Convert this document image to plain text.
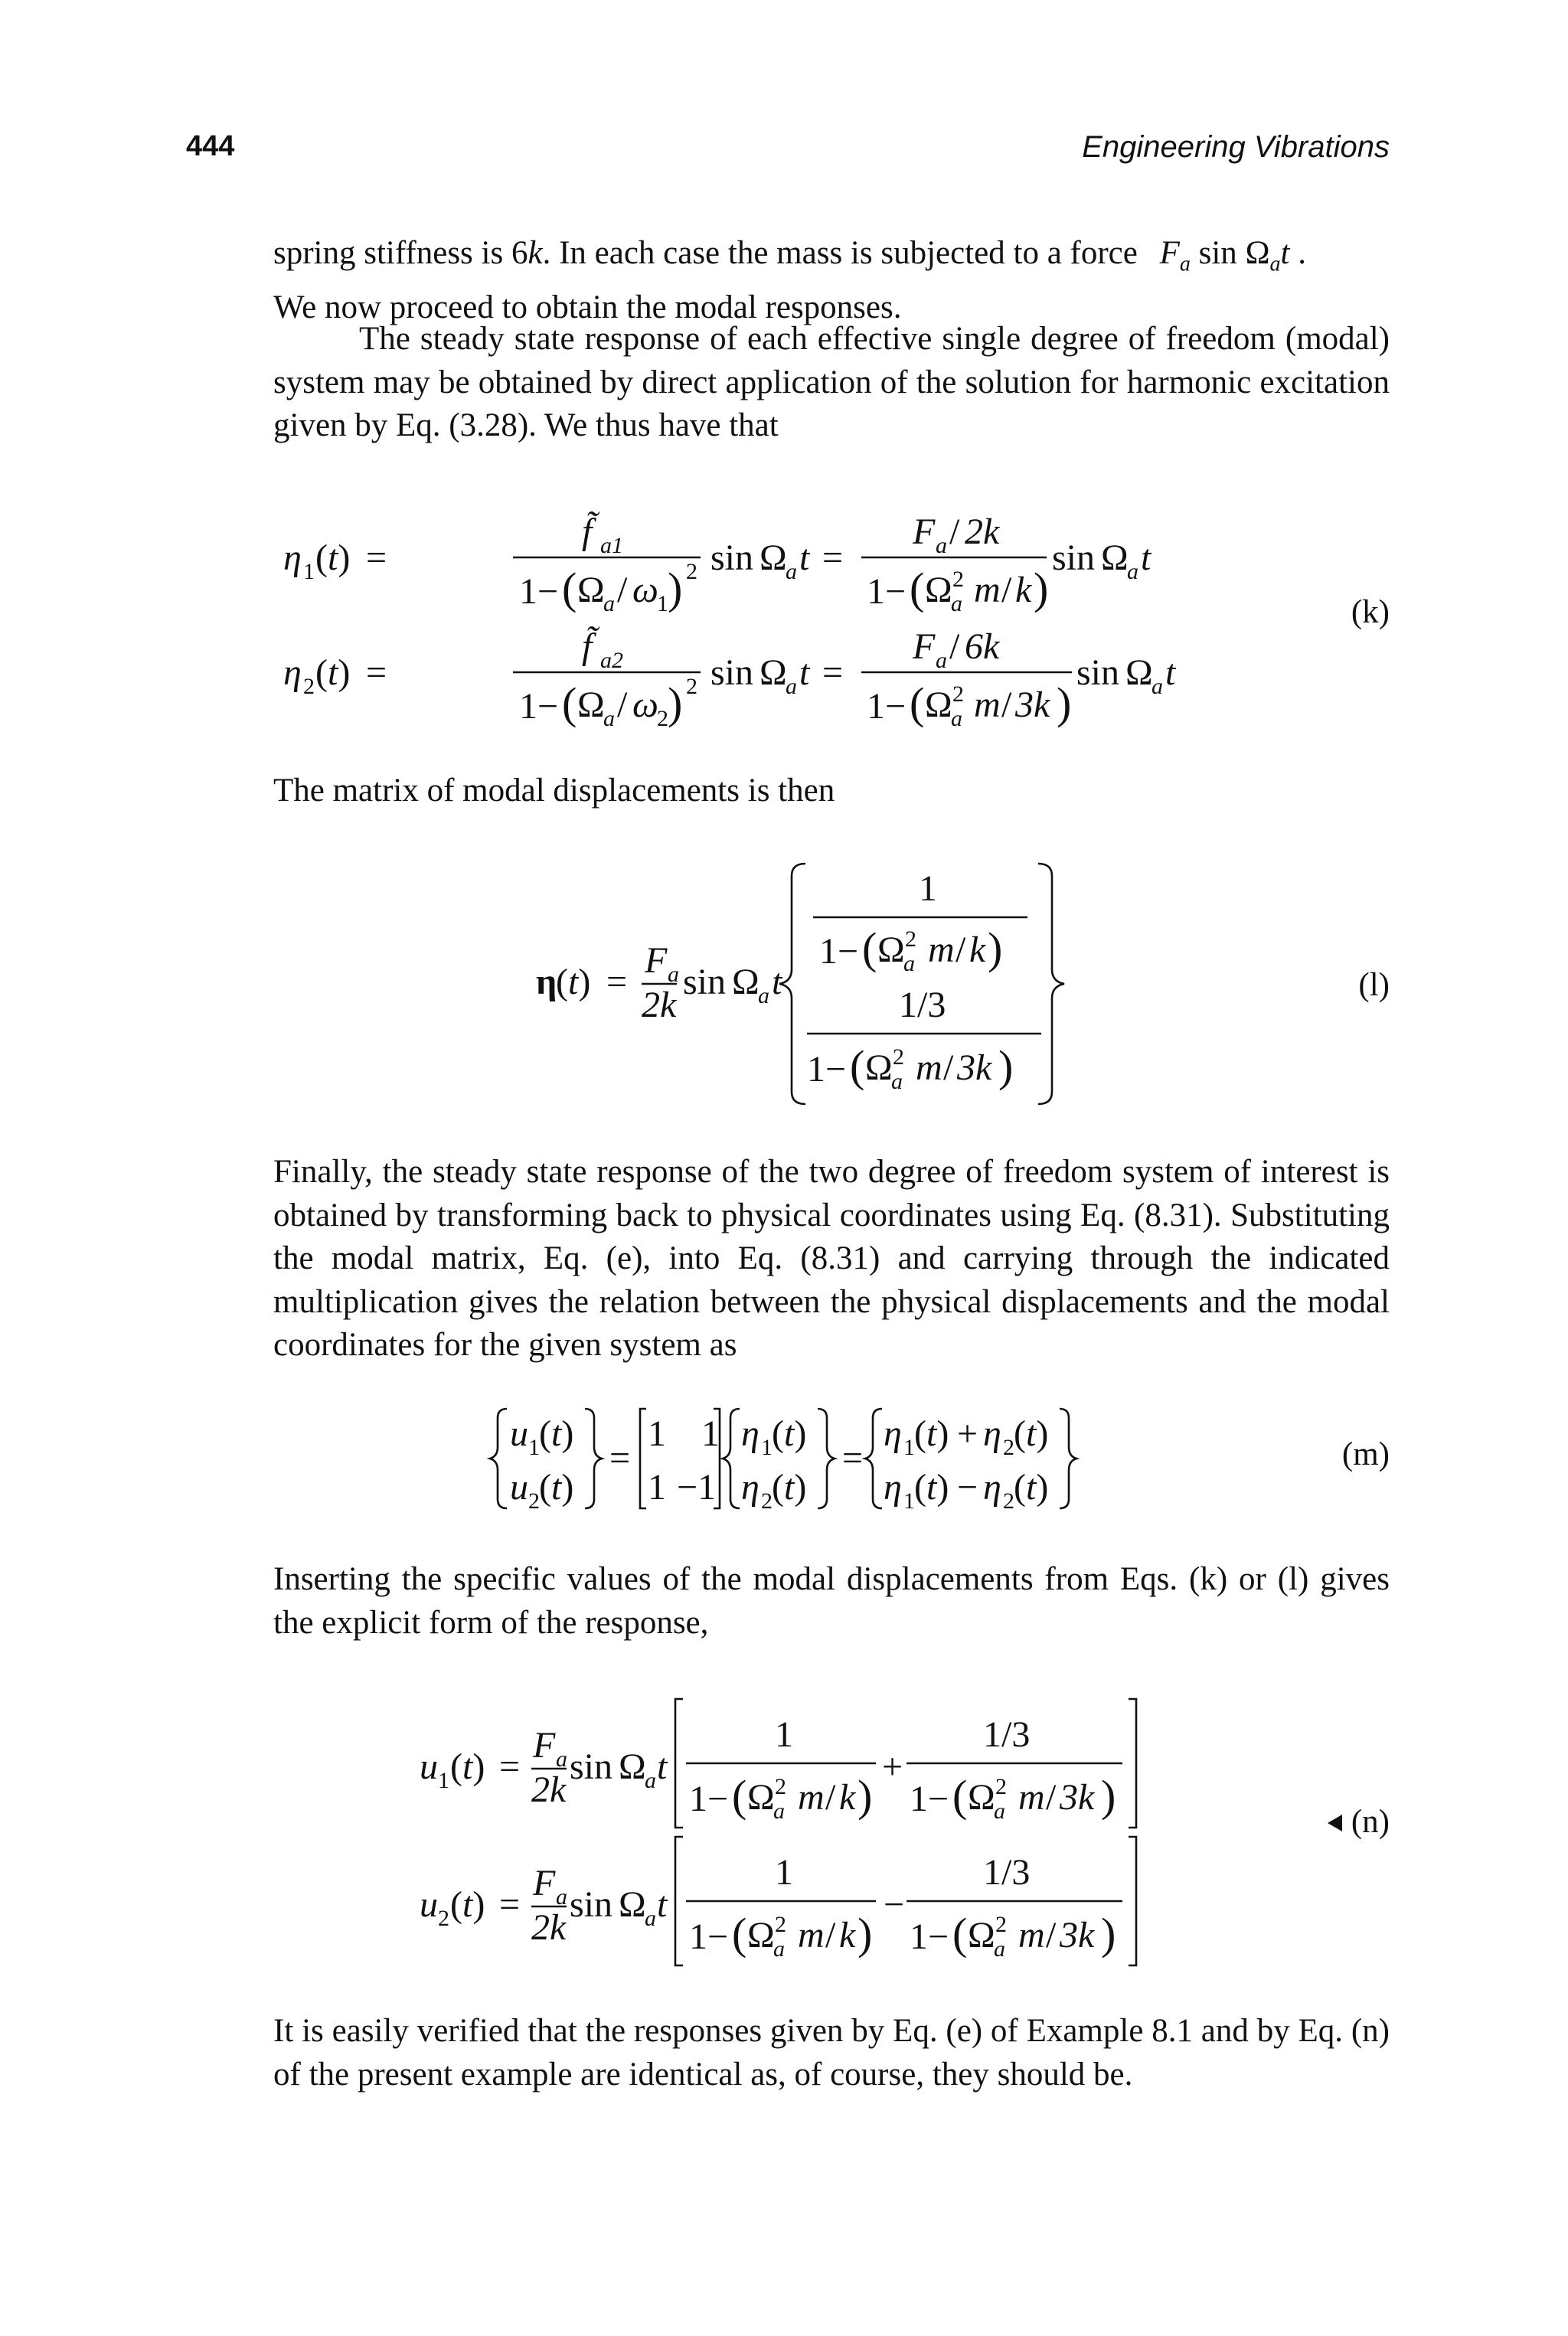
444	Engineering Vibrations
spring stiffness is 6k. In each case the mass is subjected to a force $F_a$ $\sin \Omega_at$ .
We now proceed to obtain the modal responses.

The steady state response of each effective single degree of freedom (modal) system may be obtained by direct application of the solution for harmonic excitation given by Eq. (3.28). We thus have that

η 1 (t) =
f̃ a1
1− ( Ω
a / ω
1 ) 2 sin Ω
a t =
F a / 2k
1− ( Ω
a
2 m / k )
sin Ω
a t
η 2 (t) =
f̃ a2
1− ( Ω
a / ω
2 ) 2 sin Ω
a t =
F a / 6k
1− ( Ω
a
2 m / 3k )
sin Ω
a t
(k)

The matrix of modal displacements is then

η
(t) =
F a
2k
sin Ω
a t
1
1− ( Ω
a
2 m / k )
1/3
1− ( Ω
a
2 m / 3k )
(l)

Finally, the steady state response of the two degree of freedom system of interest is obtained by transforming back to physical coordinates using Eq. (8.31). Substituting the modal matrix, Eq. (e), into Eq. (8.31) and carrying through the indicated multiplication gives the relation between the physical displacements and the modal coordinates for the given system as

u 1 (t)
u 2 (t)
=
1 1
1 −1
η 1 (t)
η 2 (t)
=
η 1 (t) + η 2 (t)
η 1 (t) − η 2 (t)
(m)

Inserting the specific values of the modal displacements from Eqs. (k) or (l) gives the explicit form of the response,

u 1 (t) =
F a
2k
sin Ω
a t
1
1− ( Ω
a
2 m / k )
+
1/3
1− ( Ω
a
2 m / 3k )
u 2 (t) =
F a
2k
sin Ω
a t
1
1− ( Ω
a
2 m / k )
−
1/3
1− ( Ω
a
2 m / 3k )
(n)

It is easily verified that the responses given by Eq. (e) of Example 8.1 and by Eq. (n) of the present example are identical as, of course, they should be.
